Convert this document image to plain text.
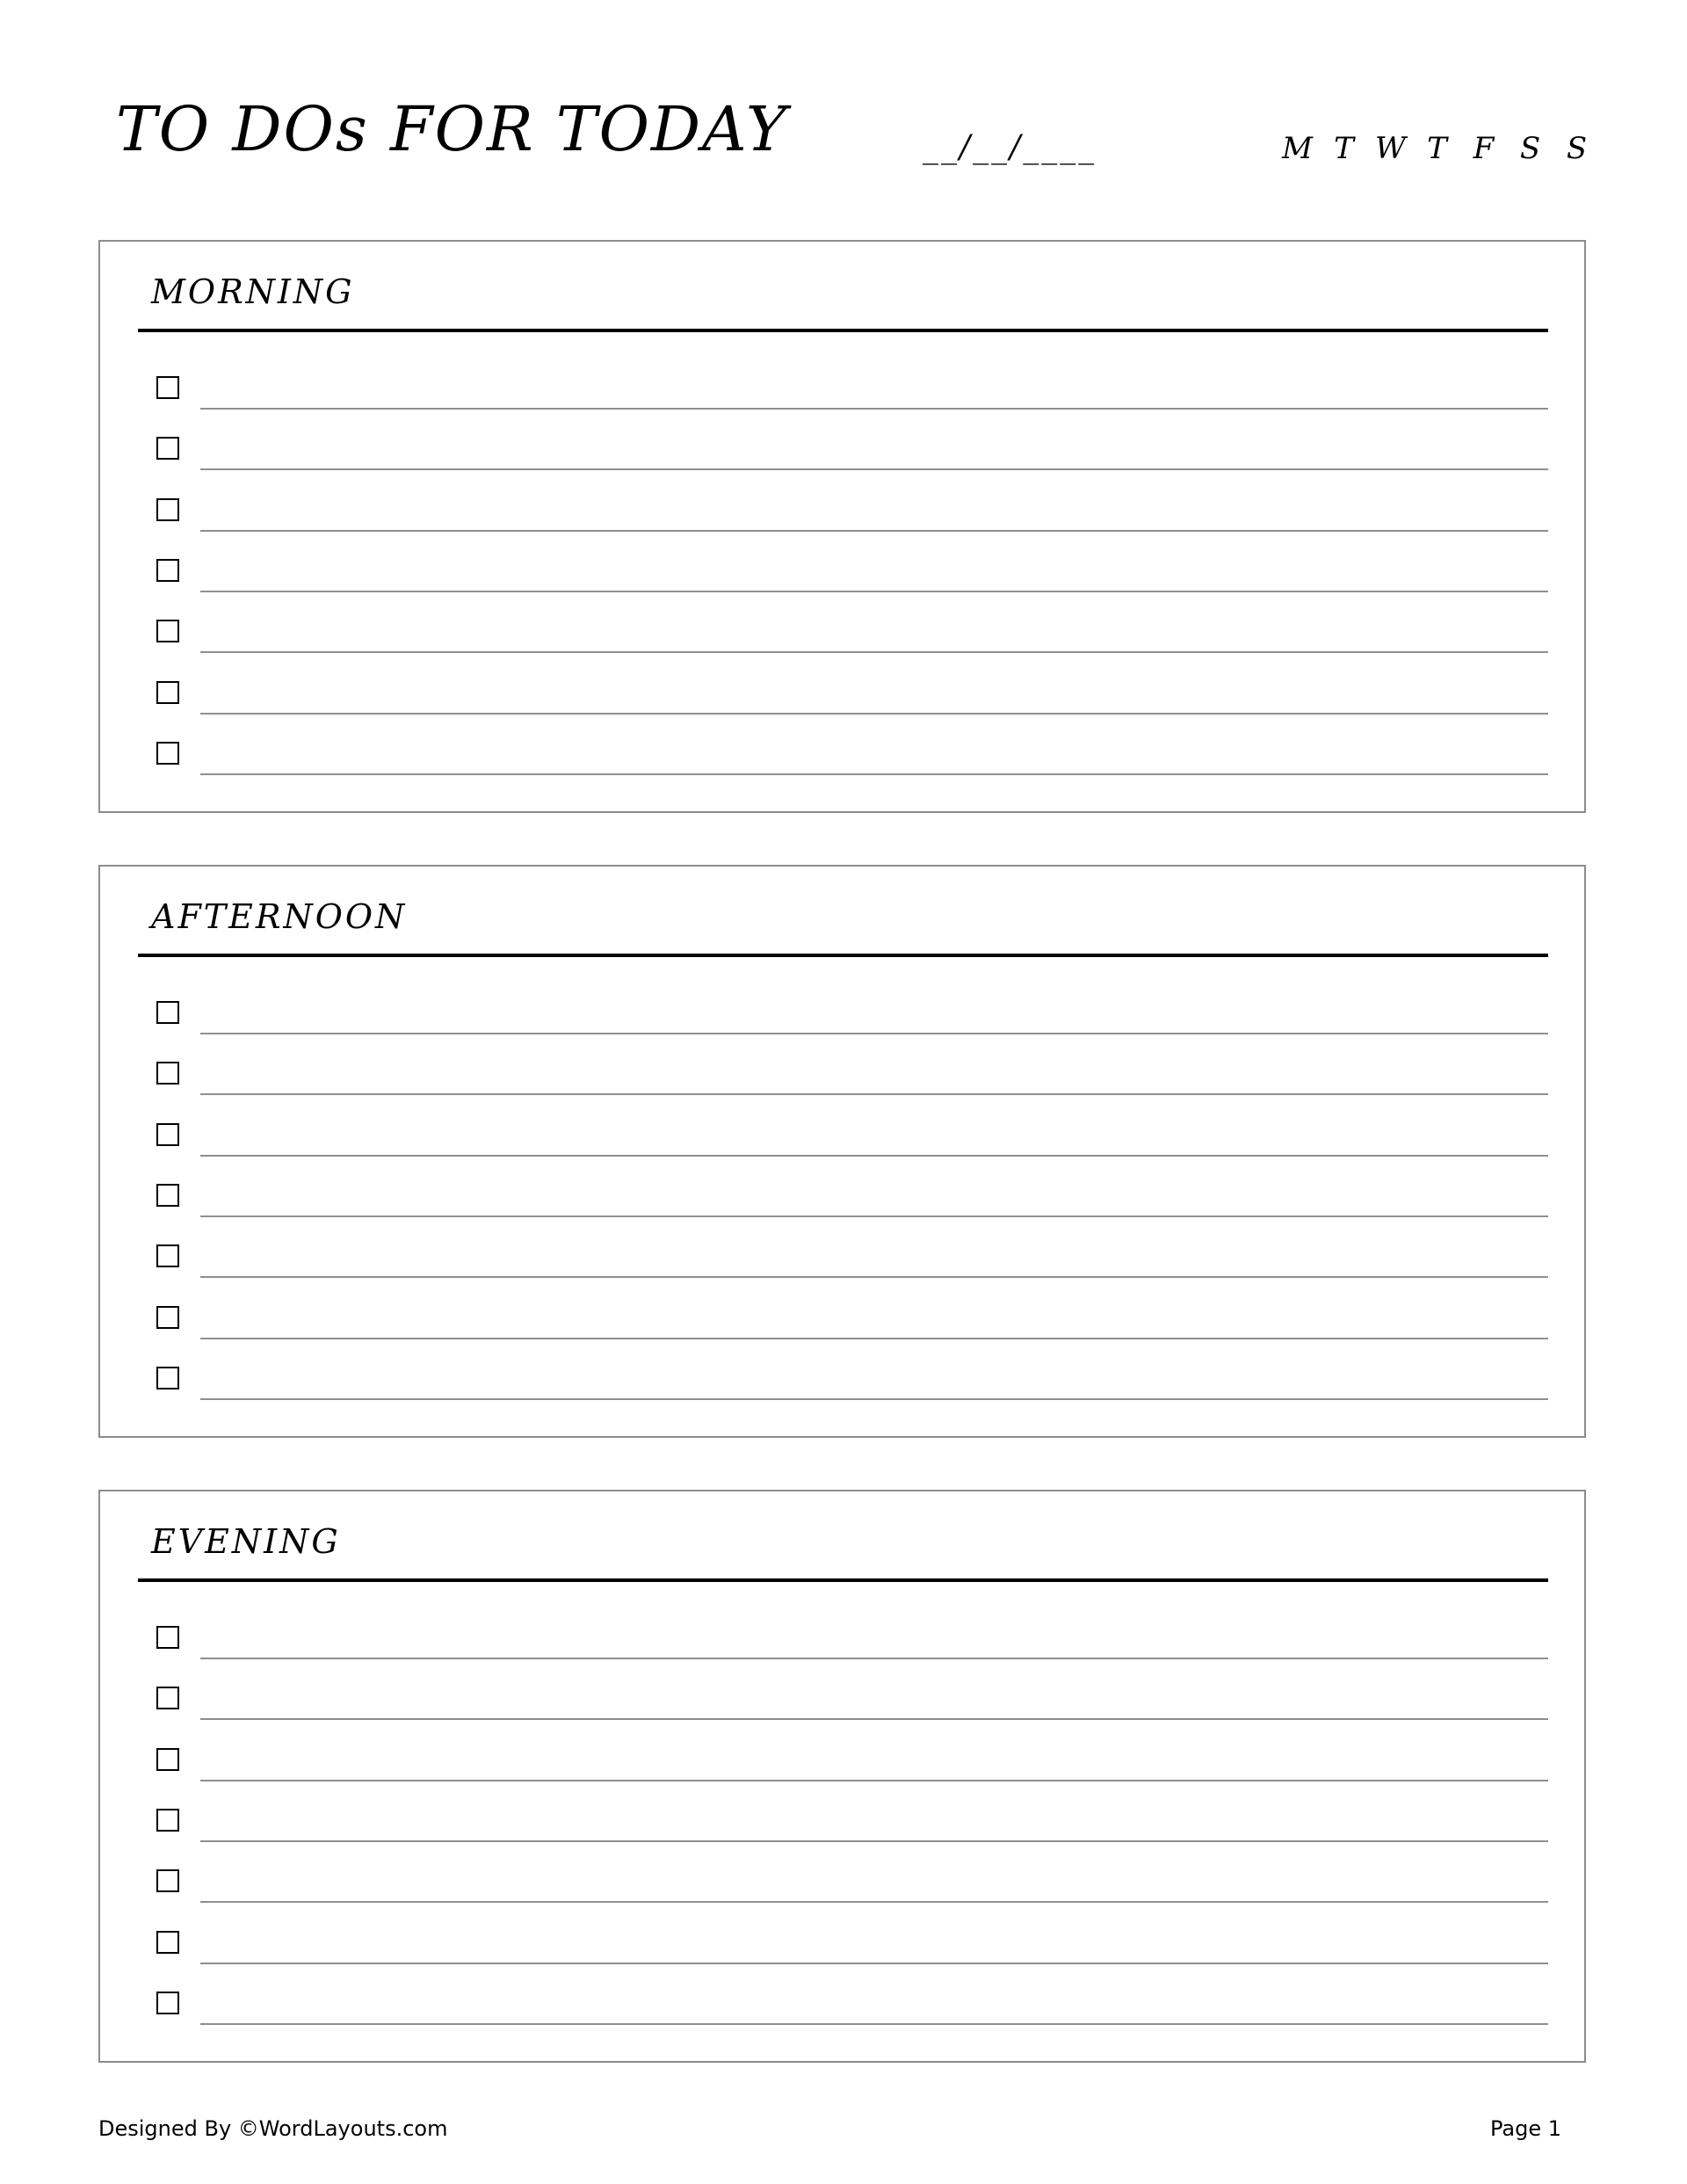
TO DOs FOR TODAY	__/__/____	M T W T F S S
MORNING
AFTERNOON
EVENING
Designed By ©WordLayouts.com	Page 1
